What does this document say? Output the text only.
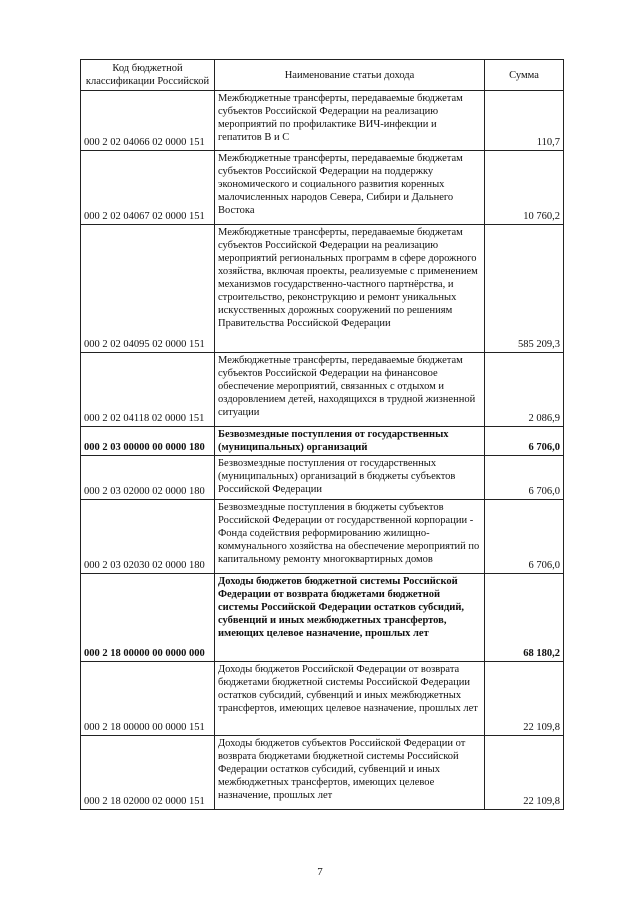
Код бюджетной классификации Российской	Наименование статьи дохода	Сумма
000 2 02 04066 02 0000 151	Межбюджетные трансферты, передаваемые бюджетам субъектов Российской Федерации на реализацию мероприятий по профилактике ВИЧ-инфекции и гепатитов В и С	110,7
000 2 02 04067 02 0000 151	Межбюджетные трансферты, передаваемые бюджетам субъектов Российской Федерации на поддержку экономического и социального развития коренных малочисленных народов Севера, Сибири и Дальнего Востока	10 760,2
000 2 02 04095 02 0000 151	Межбюджетные трансферты, передаваемые бюджетам субъектов Российской Федерации на реализацию мероприятий региональных программ в сфере дорожного хозяйства, включая проекты, реализуемые с применением механизмов государственно-частного партнёрства, и строительство, реконструкцию и ремонт уникальных искусственных дорожных сооружений по решениям Правительства Российской Федерации	585 209,3
000 2 02 04118 02 0000 151	Межбюджетные трансферты, передаваемые бюджетам субъектов Российской Федерации на финансовое обеспечение мероприятий, связанных с отдыхом и оздоровлением детей, находящихся в трудной жизненной ситуации	2 086,9
000 2 03 00000 00 0000 180	Безвозмездные поступления от государственных (муниципальных) организаций	6 706,0
000 2 03 02000 02 0000 180	Безвозмездные поступления от государственных (муниципальных) организаций в бюджеты субъектов Российской Федерации	6 706,0
000 2 03 02030 02 0000 180	Безвозмездные поступления в бюджеты субъектов Российской Федерации от государственной корпорации - Фонда содействия реформированию жилищно-коммунального хозяйства на обеспечение мероприятий по капитальному ремонту многоквартирных домов	6 706,0
000 2 18 00000 00 0000 000	Доходы бюджетов бюджетной системы Российской Федерации от возврата бюджетами бюджетной системы Российской Федерации остатков субсидий, субвенций и иных межбюджетных трансфертов, имеющих целевое назначение, прошлых лет	68 180,2
000 2 18 00000 00 0000 151	Доходы бюджетов Российской Федерации от возврата бюджетами бюджетной системы Российской Федерации остатков субсидий, субвенций и иных межбюджетных трансфертов, имеющих целевое назначение, прошлых лет	22 109,8
000 2 18 02000 02 0000 151	Доходы бюджетов субъектов Российской Федерации от возврата бюджетами бюджетной системы Российской Федерации остатков субсидий, субвенций и иных межбюджетных трансфертов, имеющих целевое назначение, прошлых лет	22 109,8
7
